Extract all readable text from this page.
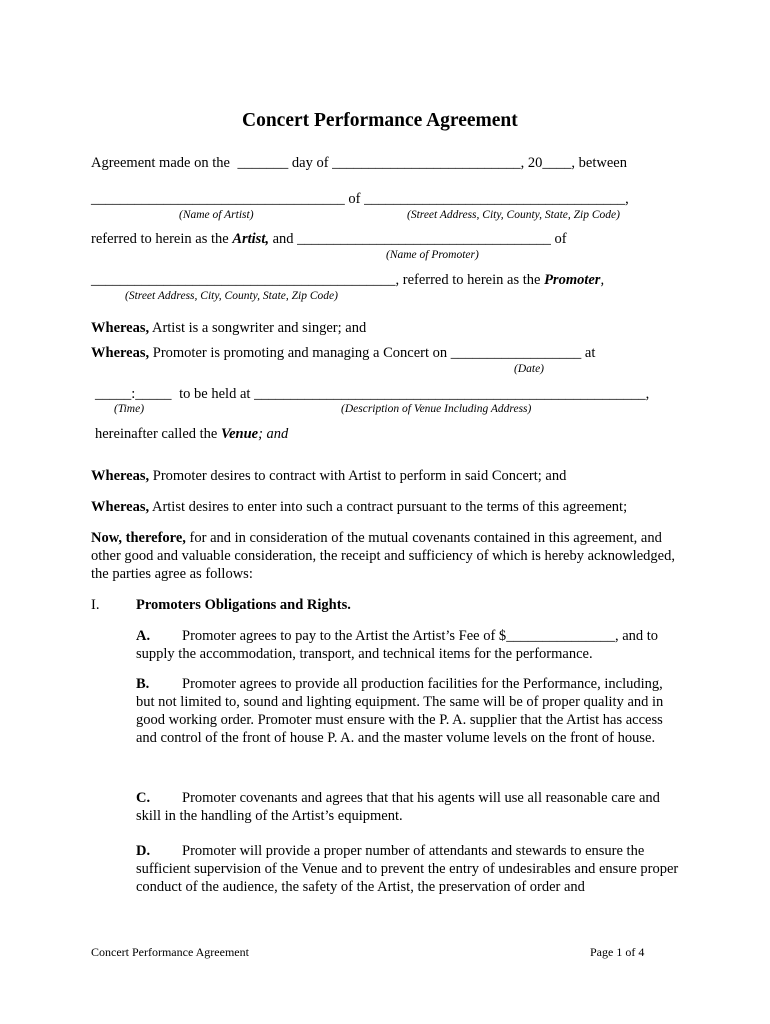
Concert Performance Agreement
Agreement made on the _______ day of __________________________, 20____, between
___________________________________ of ____________________________________,
(Name of Artist)	(Street Address, City, County, State, Zip Code)
referred to herein as the Artist, and ___________________________________ of
(Name of Promoter)
__________________________________________, referred to herein as the Promoter,
(Street Address, City, County, State, Zip Code)
Whereas, Artist is a songwriter and singer; and
Whereas, Promoter is promoting and managing a Concert on __________________ at
(Date)
_____:_____ to be held at ______________________________________________________,
(Time)	(Description of Venue Including Address)
hereinafter called the Venue; and
Whereas, Promoter desires to contract with Artist to perform in said Concert; and
Whereas, Artist desires to enter into such a contract pursuant to the terms of this agreement;
Now, therefore, for and in consideration of the mutual covenants contained in this agreement, and other good and valuable consideration, the receipt and sufficiency of which is hereby acknowledged, the parties agree as follows:
I.	Promoters Obligations and Rights.
A. Promoter agrees to pay to the Artist the Artist’s Fee of $_______________, and to supply the accommodation, transport, and technical items for the performance.
B. Promoter agrees to provide all production facilities for the Performance, including, but not limited to, sound and lighting equipment. The same will be of proper quality and in good working order. Promoter must ensure with the P. A. supplier that the Artist has access and control of the front of house P. A. and the master volume levels on the front of house.
C. Promoter covenants and agrees that that his agents will use all reasonable care and skill in the handling of the Artist’s equipment.
D. Promoter will provide a proper number of attendants and stewards to ensure the sufficient supervision of the Venue and to prevent the entry of undesirables and ensure proper conduct of the audience, the safety of the Artist, the preservation of order and
Concert Performance Agreement	Page 1 of 4
